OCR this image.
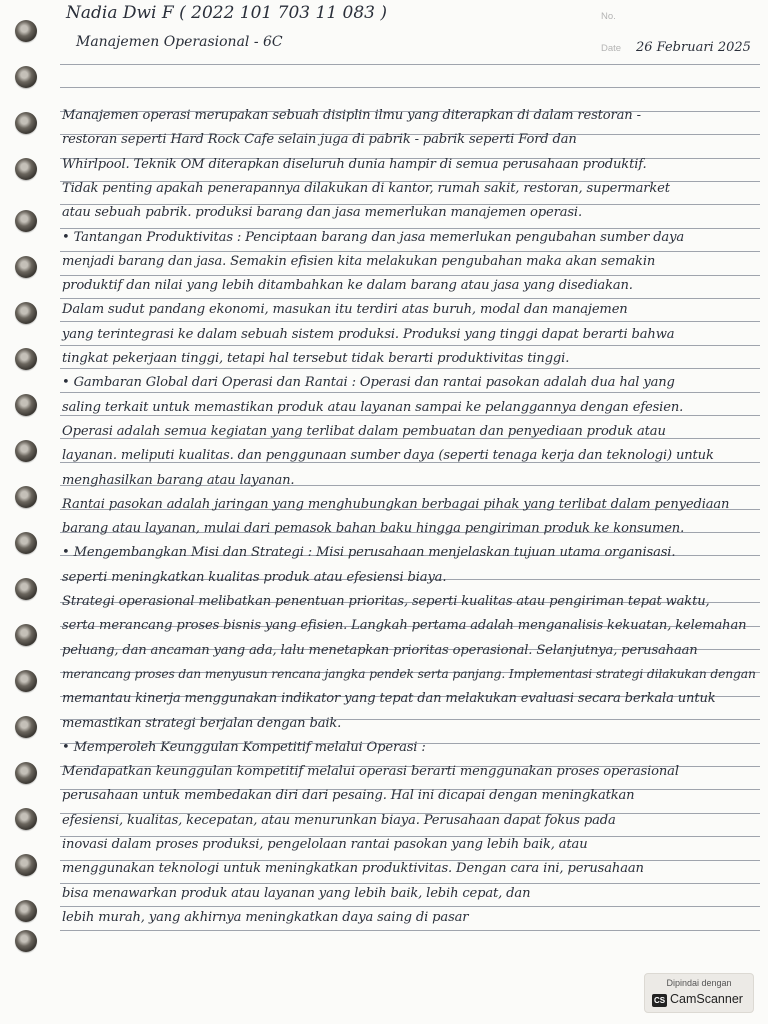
No.
Date
Nadia Dwi F ( 2022 101 703 11 083 )
Manajemen Operasional - 6C	26 Februari 2025
Manajemen operasi merupakan sebuah disiplin ilmu yang diterapkan di dalam restoran -
restoran seperti Hard Rock Cafe selain juga di pabrik - pabrik seperti Ford dan
Whirlpool. Teknik OM diterapkan diseluruh dunia hampir di semua perusahaan produktif.
Tidak penting apakah penerapannya dilakukan di kantor, rumah sakit, restoran, supermarket
atau sebuah pabrik. produksi barang dan jasa memerlukan manajemen operasi.
• Tantangan Produktivitas : Penciptaan barang dan jasa memerlukan pengubahan sumber daya
menjadi barang dan jasa. Semakin efisien kita melakukan pengubahan maka akan semakin
produktif dan nilai yang lebih ditambahkan ke dalam barang atau jasa yang disediakan.
Dalam sudut pandang ekonomi, masukan itu terdiri atas buruh, modal dan manajemen
yang terintegrasi ke dalam sebuah sistem produksi. Produksi yang tinggi dapat berarti bahwa
tingkat pekerjaan tinggi, tetapi hal tersebut tidak berarti produktivitas tinggi.
• Gambaran Global dari Operasi dan Rantai : Operasi dan rantai pasokan adalah dua hal yang
saling terkait untuk memastikan produk atau layanan sampai ke pelanggannya dengan efesien.
Operasi adalah semua kegiatan yang terlibat dalam pembuatan dan penyediaan produk atau
layanan. meliputi kualitas. dan penggunaan sumber daya (seperti tenaga kerja dan teknologi) untuk
menghasilkan barang atau layanan.
Rantai pasokan adalah jaringan yang menghubungkan berbagai pihak yang terlibat dalam penyediaan
barang atau layanan, mulai dari pemasok bahan baku hingga pengiriman produk ke konsumen.
• Mengembangkan Misi dan Strategi : Misi perusahaan menjelaskan tujuan utama organisasi.
seperti meningkatkan kualitas produk atau efesiensi biaya.
Strategi operasional melibatkan penentuan prioritas, seperti kualitas atau pengiriman tepat waktu,
serta merancang proses bisnis yang efisien. Langkah pertama adalah menganalisis kekuatan, kelemahan
peluang, dan ancaman yang ada, lalu menetapkan prioritas operasional. Selanjutnya, perusahaan
merancang proses dan menyusun rencana jangka pendek serta panjang. Implementasi strategi dilakukan dengan
memantau kinerja menggunakan indikator yang tepat dan melakukan evaluasi secara berkala untuk
memastikan strategi berjalan dengan baik.
• Memperoleh Keunggulan Kompetitif melalui Operasi :
Mendapatkan keunggulan kompetitif melalui operasi berarti menggunakan proses operasional
perusahaan untuk membedakan diri dari pesaing. Hal ini dicapai dengan meningkatkan
efesiensi, kualitas, kecepatan, atau menurunkan biaya. Perusahaan dapat fokus pada
inovasi dalam proses produksi, pengelolaan rantai pasokan yang lebih baik, atau
menggunakan teknologi untuk meningkatkan produktivitas. Dengan cara ini, perusahaan
bisa menawarkan produk atau layanan yang lebih baik, lebih cepat, dan
lebih murah, yang akhirnya meningkatkan daya saing di pasar
Dipindai dengan
CS CamScanner
